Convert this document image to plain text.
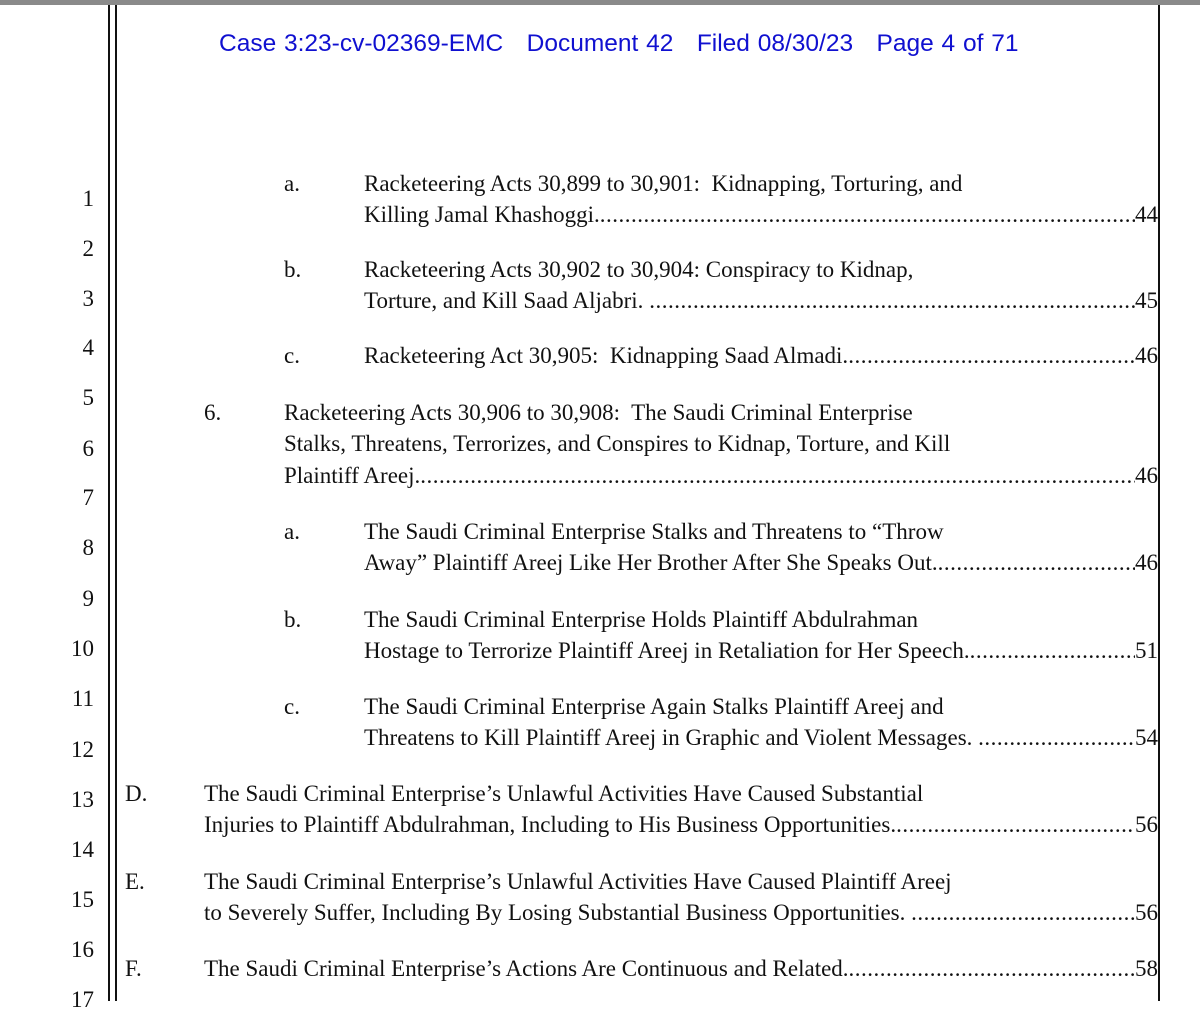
Case 3:23-cv-02369-EMC Document 42 Filed 08/30/23 Page 4 of 71
1
2
3
4
5
6
7
8
9
10
11
12
13
14
15
16
17
a.	Racketeering Acts 30,899 to 30,901:  Kidnapping, Torturing, and
Killing Jamal Khashoggi. .....	44
b.	Racketeering Acts 30,902 to 30,904: Conspiracy to Kidnap,
Torture, and Kill Saad Aljabri. .....	45
c.	Racketeering Act 30,905:  Kidnapping Saad Almadi. .....	46
6.	Racketeering Acts 30,906 to 30,908:  The Saudi Criminal Enterprise
Stalks, Threatens, Terrorizes, and Conspires to Kidnap, Torture, and Kill
Plaintiff Areej. .....	46
a.	The Saudi Criminal Enterprise Stalks and Threatens to “Throw
Away” Plaintiff Areej Like Her Brother After She Speaks Out. .....	46
b.	The Saudi Criminal Enterprise Holds Plaintiff Abdulrahman
Hostage to Terrorize Plaintiff Areej in Retaliation for Her Speech. .....	51
c.	The Saudi Criminal Enterprise Again Stalks Plaintiff Areej and
Threatens to Kill Plaintiff Areej in Graphic and Violent Messages. .....	54
D. The Saudi Criminal Enterprise’s Unlawful Activities Have Caused Substantial
Injuries to Plaintiff Abdulrahman, Including to His Business Opportunities. .....	56
E.	The Saudi Criminal Enterprise’s Unlawful Activities Have Caused Plaintiff Areej
to Severely Suffer, Including By Losing Substantial Business Opportunities. .....	56
F.	The Saudi Criminal Enterprise’s Actions Are Continuous and Related. .....	58
